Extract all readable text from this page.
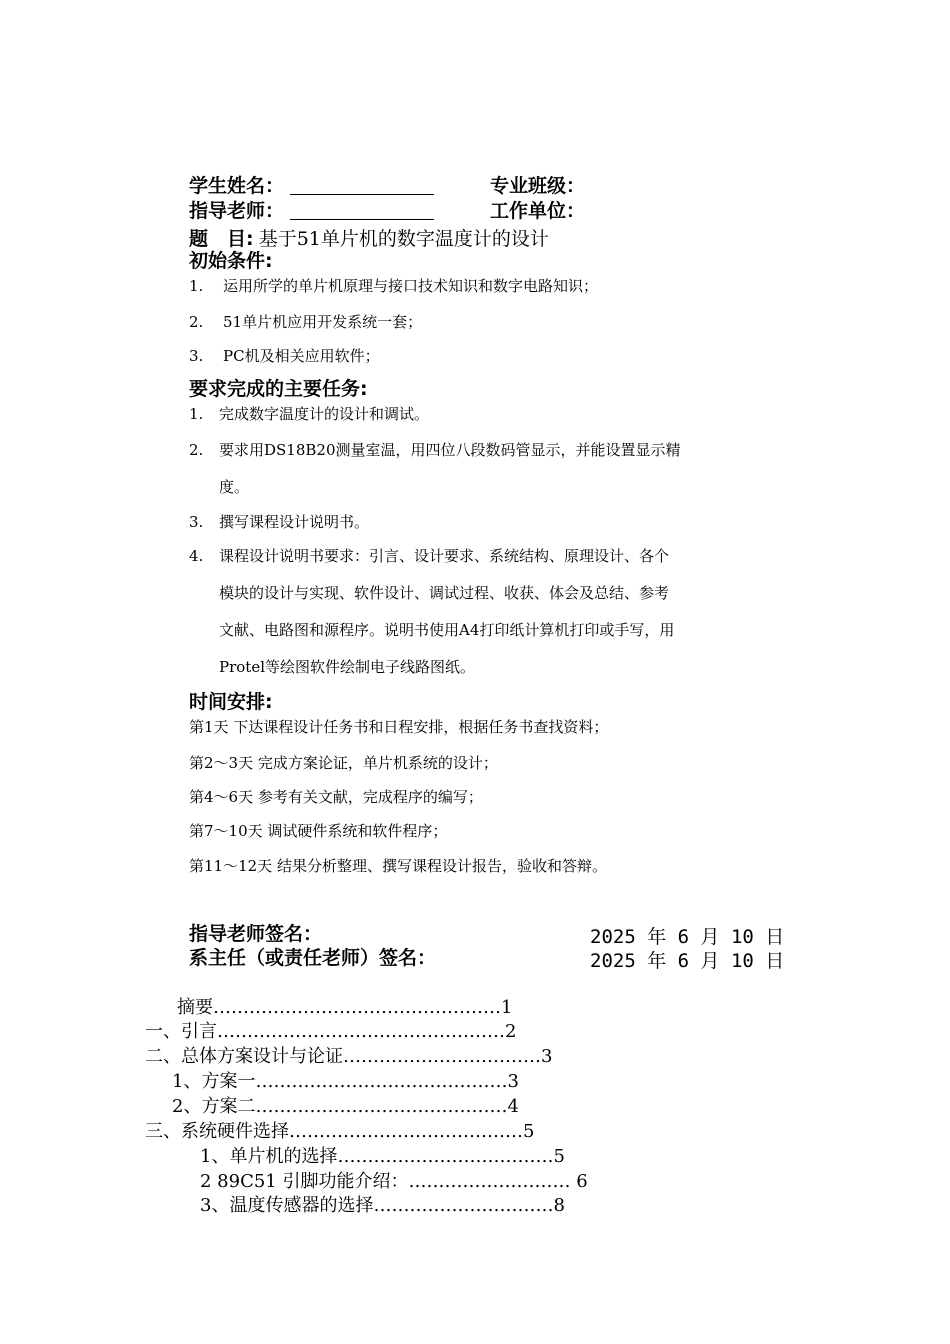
学生姓名：	专业班级：
指导老师：	工作单位：
题　目: 基于51单片机的数字温度计的设计
初始条件:
1. 运用所学的单片机原理与接口技术知识和数字电路知识；
2. 51单片机应用开发系统一套；
3. PC机及相关应用软件；
要求完成的主要任务:
1. 完成数字温度计的设计和调试。
2. 要求用DS18B20测量室温，用四位八段数码管显示，并能设置显示精
度。
3. 撰写课程设计说明书。
4. 课程设计说明书要求：引言、设计要求、系统结构、原理设计、各个
模块的设计与实现、软件设计、调试过程、收获、体会及总结、参考
文献、电路图和源程序。说明书使用A4打印纸计算机打印或手写，用
Protel等绘图软件绘制电子线路图纸。
时间安排:
第1天 下达课程设计任务书和日程安排，根据任务书查找资料；
第2～3天 完成方案论证，单片机系统的设计；
第4～6天 参考有关文献，完成程序的编写；
第7～10天 调试硬件系统和软件程序；
第11～12天 结果分析整理、撰写课程设计报告，验收和答辩。
指导老师签名：	2025 年 6 月 10 日
系主任（或责任老师）签名：	2025 年 6 月 10 日
摘要…………………………………………1
一、引言…………………………………………2
二、总体方案设计与论证……………………………3
1、方案一……………………………………3
2、方案二……………………………………4
三、系统硬件选择…………………………………5
1、单片机的选择………………………………5
2 89C51 引脚功能介绍：……………………… 6
3、温度传感器的选择…………………………8
